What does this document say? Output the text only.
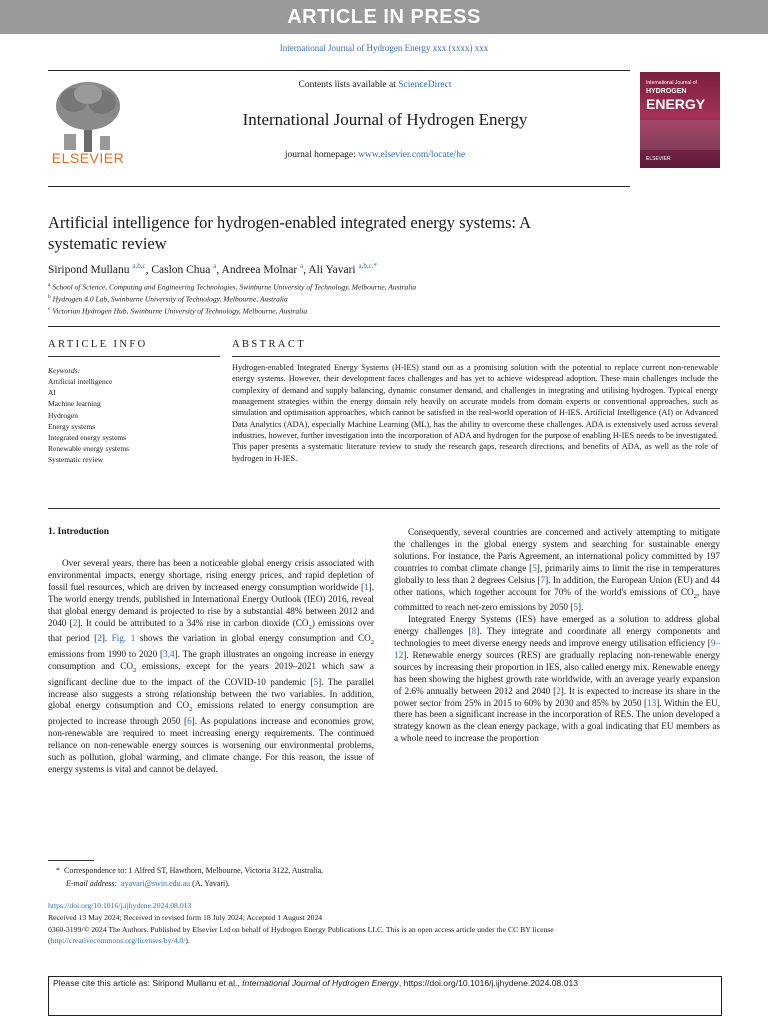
ARTICLE IN PRESS
International Journal of Hydrogen Energy xxx (xxxx) xxx
ELSEVIER
Contents lists available at ScienceDirect
International Journal of Hydrogen Energy
journal homepage: www.elsevier.com/locate/he
International Journal of
HYDROGEN
ENERGY
ELSEVIER
Artificial intelligence for hydrogen-enabled integrated energy systems: A
systematic review
Siripond Mullanu $^{a,b,c}$, Caslon Chua $^a$, Andreea Molnar $^a$, Ali Yavari $^{a,b,c,*}$
$^a$ School of Science, Computing and Engineering Technologies, Swinburne University of Technology, Melbourne, Australia
$^b$ Hydrogen 4.0 Lab, Swinburne University of Technology, Melbourne, Australia
$^c$ Victorian Hydrogen Hub, Swinburne University of Technology, Melbourne, Australia
ARTICLE INFO	ABSTRACT
Keywords:
Artificial intelligence
AI
Machine learning
Hydrogen
Energy systems
Integrated energy systems
Renewable energy systems
Systematic review

Hydrogen-enabled Integrated Energy Systems (H-IES) stand out as a promising solution with the potential to replace current non-renewable energy systems. However, their development faces challenges and has yet to achieve widespread adoption. These main challenges include the complexity of demand and supply balancing, dynamic consumer demand, and challenges in integrating and utilising hydrogen. Typical energy management strategies within the energy domain rely heavily on accurate models from domain experts or conventional approaches, such as simulation and optimisation approaches, which cannot be satisfied in the real-world operation of H-IES. Artificial Intelligence (AI) or Advanced Data Analytics (ADA), especially Machine Learning (ML), has the ability to overcome these challenges. ADA is extensively used across several industries, however, further investigation into the incorporation of ADA and hydrogen for the purpose of enabling H-IES needs to be investigated. This paper presents a systematic literature review to study the research gaps, research directions, and benefits of ADA, as well as the role of hydrogen in H-IES.

1. Introduction

Over several years, there has been a noticeable global energy crisis associated with environmental impacts, energy shortage, rising energy prices, and rapid depletion of fossil fuel resources, which are driven by increased energy consumption worldwide [1]. The world energy trends, published in International Energy Outlook (IEO) 2016, reveal that global energy demand is projected to rise by a substantial 48% between 2012 and 2040 [2]. It could be attributed to a 34% rise in carbon dioxide $(CO_2)$ emissions over that period [2]. Fig. 1 shows the variation in global energy consumption and $CO_2$ emissions from 1990 to 2020 [3,4]. The graph illustrates an ongoing increase in energy consumption and $CO_2$ emissions, except for the years 2019–2021 which saw a significant decline due to the impact of the COVID-10 pandemic [5]. The parallel increase also suggests a strong relationship between the two variables. In addition, global energy consumption and $CO_2$ emissions related to energy consumption are projected to increase through 2050 [6]. As populations increase and economies grow, non-renewable are required to meet increasing energy requirements. The continued reliance on non-renewable energy sources is worsening our environmental problems, such as pollution, global warming, and climate change. For this reason, the issue of energy systems is vital and cannot be delayed.

Consequently, several countries are concerned and actively attempting to mitigate the challenges in the global energy system and searching for sustainable energy solutions. For instance, the Paris Agreement, an international policy committed by 197 countries to combat climate change [5], primarily aims to limit the rise in temperatures globally to less than 2 degrees Celsius [7]. In addition, the European Union (EU) and 44 other nations, which together account for 70% of the world's emissions of $CO_2$, have committed to reach net-zero emissions by 2050 [5].

Integrated Energy Systems (IES) have emerged as a solution to address global energy challenges [8]. They integrate and coordinate all energy components and technologies to meet diverse energy needs and improve energy utilisation efficiency [9–12]. Renewable energy sources (RES) are gradually replacing non-renewable energy sources by increasing their proportion in IES, also called energy mix. Renewable energy has been showing the highest growth rate worldwide, with an average yearly expansion of 2.6% annually between 2012 and 2040 [2]. It is expected to increase its share in the power sector from 25% in 2015 to 60% by 2030 and 85% by 2050 [13]. Within the EU, there has been a significant increase in the incorporation of RES. The union developed a strategy known as the clean energy package, with a goal indicating that EU members as a whole need to increase the proportion

* Correspondence to: 1 Alfred ST, Hawthorn, Melbourne, Victoria 3122, Australia.
E-mail address: ayavari@swin.edu.au (A. Yavari).
https://doi.org/10.1016/j.ijhydene.2024.08.013
Received 13 May 2024; Received in revised form 18 July 2024; Accepted 1 August 2024
0360-3199/© 2024 The Authors. Published by Elsevier Ltd on behalf of Hydrogen Energy Publications LLC. This is an open access article under the CC BY license
(http://creativecommons.org/licenses/by/4.0/).
Please cite this article as: Siripond Mullanu et al., International Journal of Hydrogen Energy, https://doi.org/10.1016/j.ijhydene.2024.08.013
